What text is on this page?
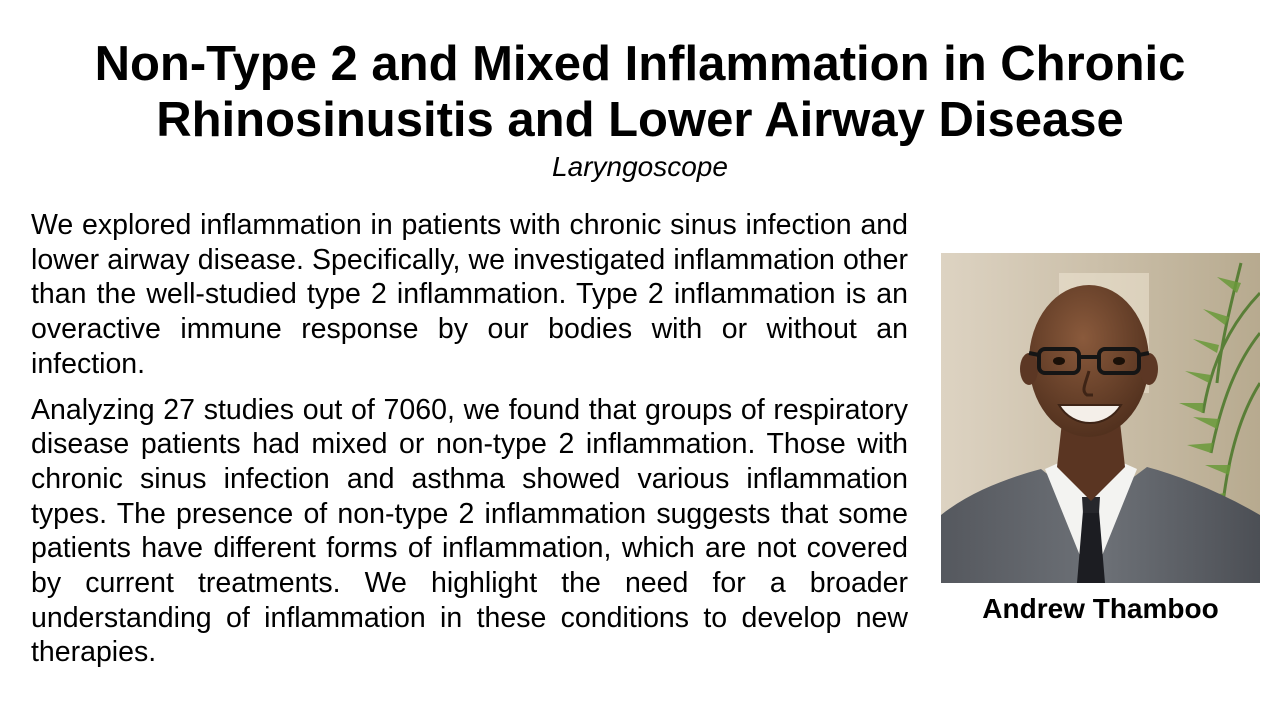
Non-Type 2 and Mixed Inflammation in Chronic Rhinosinusitis and Lower Airway Disease
Laryngoscope

We explored inflammation in patients with chronic sinus infection and lower airway disease. Specifically, we investigated inflammation other than the well-studied type 2 inflammation. Type 2 inflammation is an overactive immune response by our bodies with or without an infection.

Analyzing 27 studies out of 7060, we found that groups of respiratory disease patients had mixed or non-type 2 inflammation. Those with chronic sinus infection and asthma showed various inflammation types. The presence of non-type 2 inflammation suggests that some patients have different forms of inflammation, which are not covered by current treatments. We highlight the need for a broader understanding of inflammation in these conditions to develop new therapies.

Andrew Thamboo
